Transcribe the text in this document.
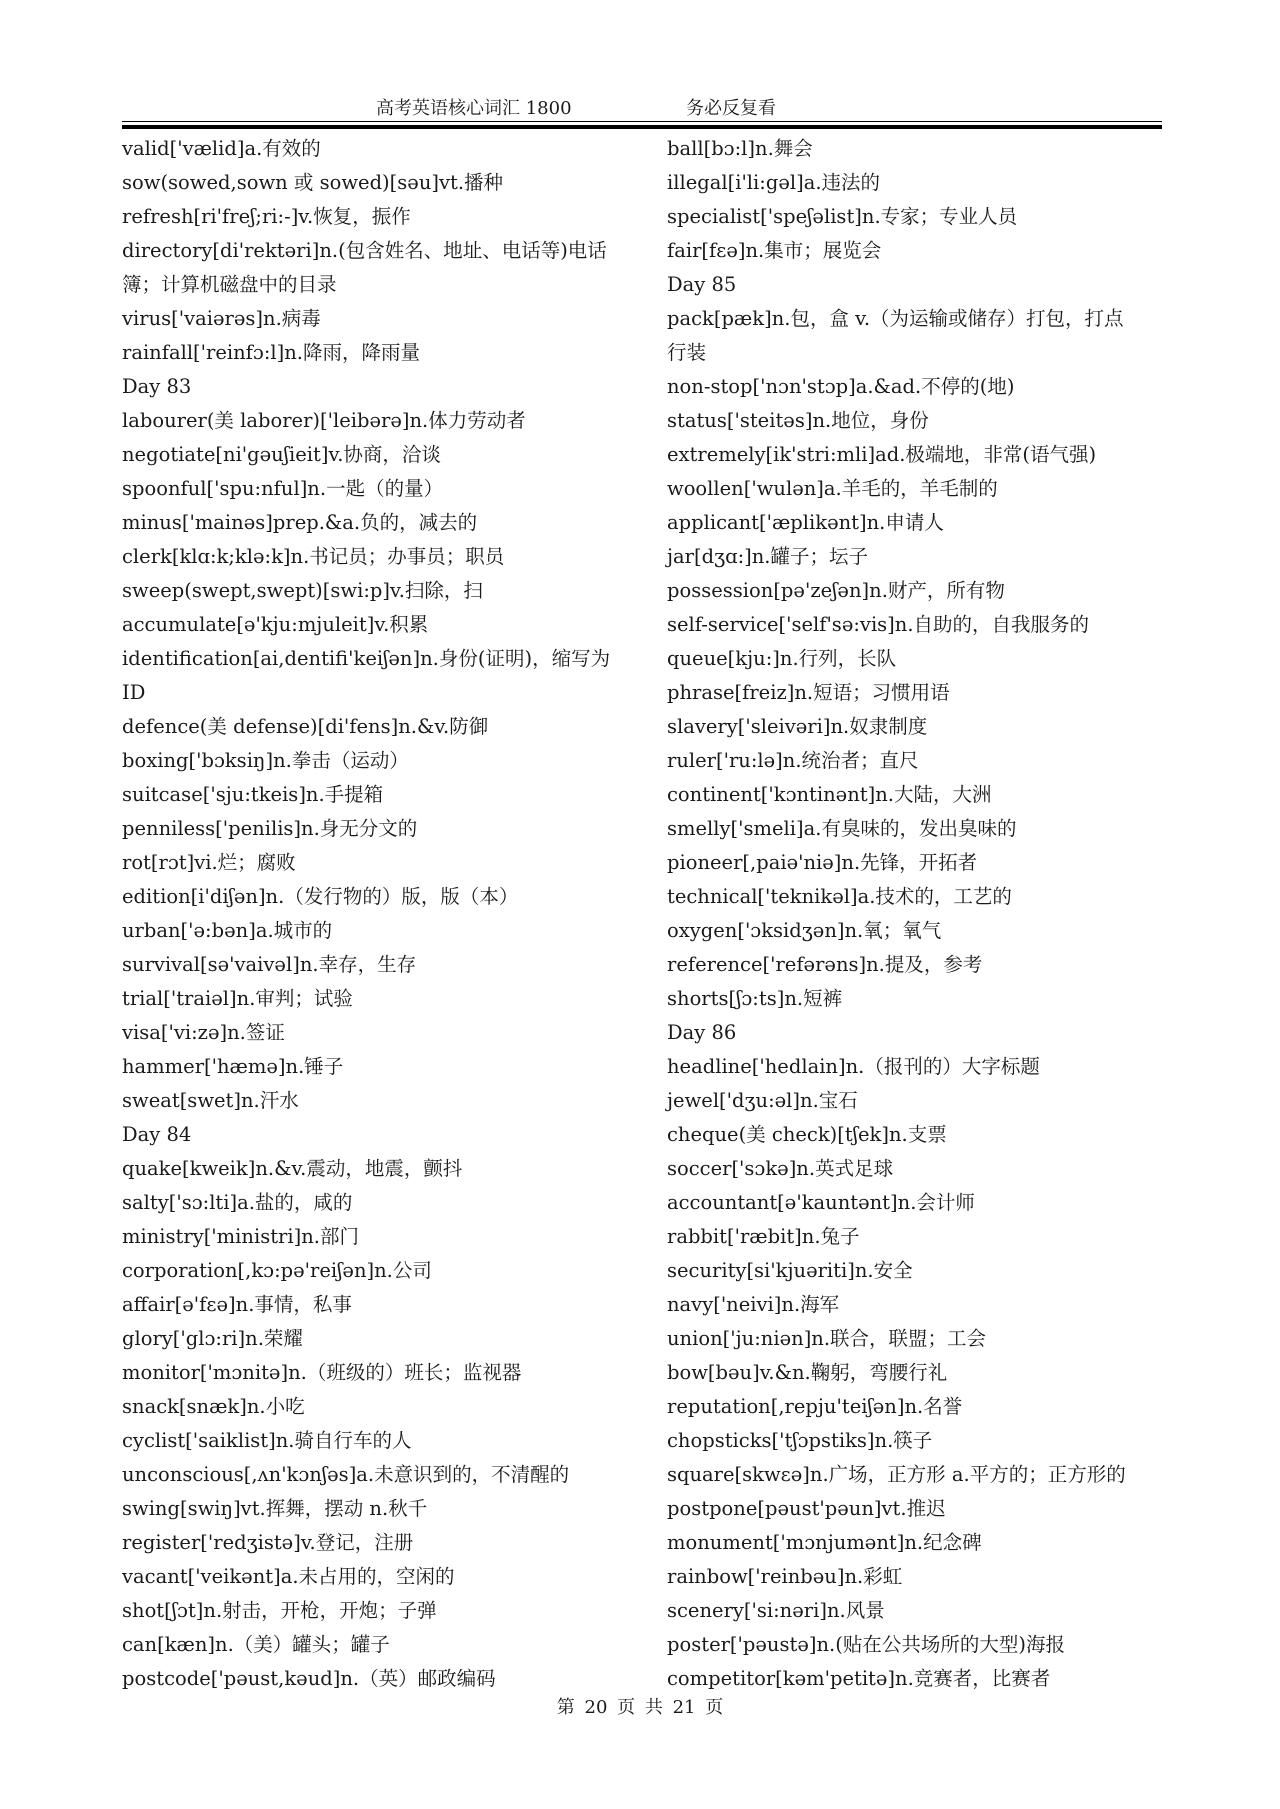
高考英语核心词汇 1800	务必反复看
valid['vælid]a.有效的
sow(sowed,sown 或 sowed)[səu]vt.播种
refresh[ri'freʃ;ri:-]v.恢复，振作
directory[di'rektəri]n.(包含姓名、地址、电话等)电话
簿；计算机磁盘中的目录
virus['vaiərəs]n.病毒
rainfall['reinfɔ:l]n.降雨，降雨量
Day 83
labourer(美 laborer)['leibərə]n.体力劳动者
negotiate[ni'gəuʃieit]v.协商，洽谈
spoonful['spu:nful]n.一匙（的量）
minus['mainəs]prep.&a.负的，减去的
clerk[klɑ:k;klə:k]n.书记员；办事员；职员
sweep(swept,swept)[swi:p]v.扫除，扫
accumulate[ə'kju:mjuleit]v.积累
identification[ai,dentifi'keiʃən]n.身份(证明)，缩写为
ID
defence(美 defense)[di'fens]n.&v.防御
boxing['bɔksiŋ]n.拳击（运动）
suitcase['sju:tkeis]n.手提箱
penniless['penilis]n.身无分文的
rot[rɔt]vi.烂；腐败
edition[i'diʃən]n.（发行物的）版，版（本）
urban['ə:bən]a.城市的
survival[sə'vaivəl]n.幸存，生存
trial['traiəl]n.审判；试验
visa['vi:zə]n.签证
hammer['hæmə]n.锤子
sweat[swet]n.汗水
Day 84
quake[kweik]n.&v.震动，地震，颤抖
salty['sɔ:lti]a.盐的，咸的
ministry['ministri]n.部门
corporation[,kɔ:pə'reiʃən]n.公司
affair[ə'fɛə]n.事情，私事
glory['glɔ:ri]n.荣耀
monitor['mɔnitə]n.（班级的）班长；监视器
snack[snæk]n.小吃
cyclist['saiklist]n.骑自行车的人
unconscious[,ʌn'kɔnʃəs]a.未意识到的，不清醒的
swing[swiŋ]vt.挥舞，摆动 n.秋千
register['redʒistə]v.登记，注册
vacant['veikənt]a.未占用的，空闲的
shot[ʃɔt]n.射击，开枪，开炮；子弹
can[kæn]n.（美）罐头；罐子
postcode['pəust,kəud]n.（英）邮政编码
ball[bɔ:l]n.舞会
illegal[i'li:gəl]a.违法的
specialist['speʃəlist]n.专家；专业人员
fair[fɛə]n.集市；展览会
Day 85
pack[pæk]n.包，盒 v.（为运输或储存）打包，打点
行装
non-stop['nɔn'stɔp]a.&ad.不停的(地)
status['steitəs]n.地位，身份
extremely[ik'stri:mli]ad.极端地，非常(语气强)
woollen['wulən]a.羊毛的，羊毛制的
applicant['æplikənt]n.申请人
jar[dʒɑ:]n.罐子；坛子
possession[pə'zeʃən]n.财产，所有物
self-service['self'sə:vis]n.自助的，自我服务的
queue[kju:]n.行列，长队
phrase[freiz]n.短语；习惯用语
slavery['sleivəri]n.奴隶制度
ruler['ru:lə]n.统治者；直尺
continent['kɔntinənt]n.大陆，大洲
smelly['smeli]a.有臭味的，发出臭味的
pioneer[,paiə'niə]n.先锋，开拓者
technical['teknikəl]a.技术的，工艺的
oxygen['ɔksidʒən]n.氧；氧气
reference['refərəns]n.提及，参考
shorts[ʃɔ:ts]n.短裤
Day 86
headline['hedlain]n.（报刊的）大字标题
jewel['dʒu:əl]n.宝石
cheque(美 check)[tʃek]n.支票
soccer['sɔkə]n.英式足球
accountant[ə'kauntənt]n.会计师
rabbit['ræbit]n.兔子
security[si'kjuəriti]n.安全
navy['neivi]n.海军
union['ju:niən]n.联合，联盟；工会
bow[bəu]v.&n.鞠躬，弯腰行礼
reputation[,repju'teiʃən]n.名誉
chopsticks['tʃɔpstiks]n.筷子
square[skwɛə]n.广场，正方形 a.平方的；正方形的
postpone[pəust'pəun]vt.推迟
monument['mɔnjumənt]n.纪念碑
rainbow['reinbəu]n.彩虹
scenery['si:nəri]n.风景
poster['pəustə]n.(贴在公共场所的大型)海报
competitor[kəm'petitə]n.竞赛者，比赛者
第 20 页 共 21 页
